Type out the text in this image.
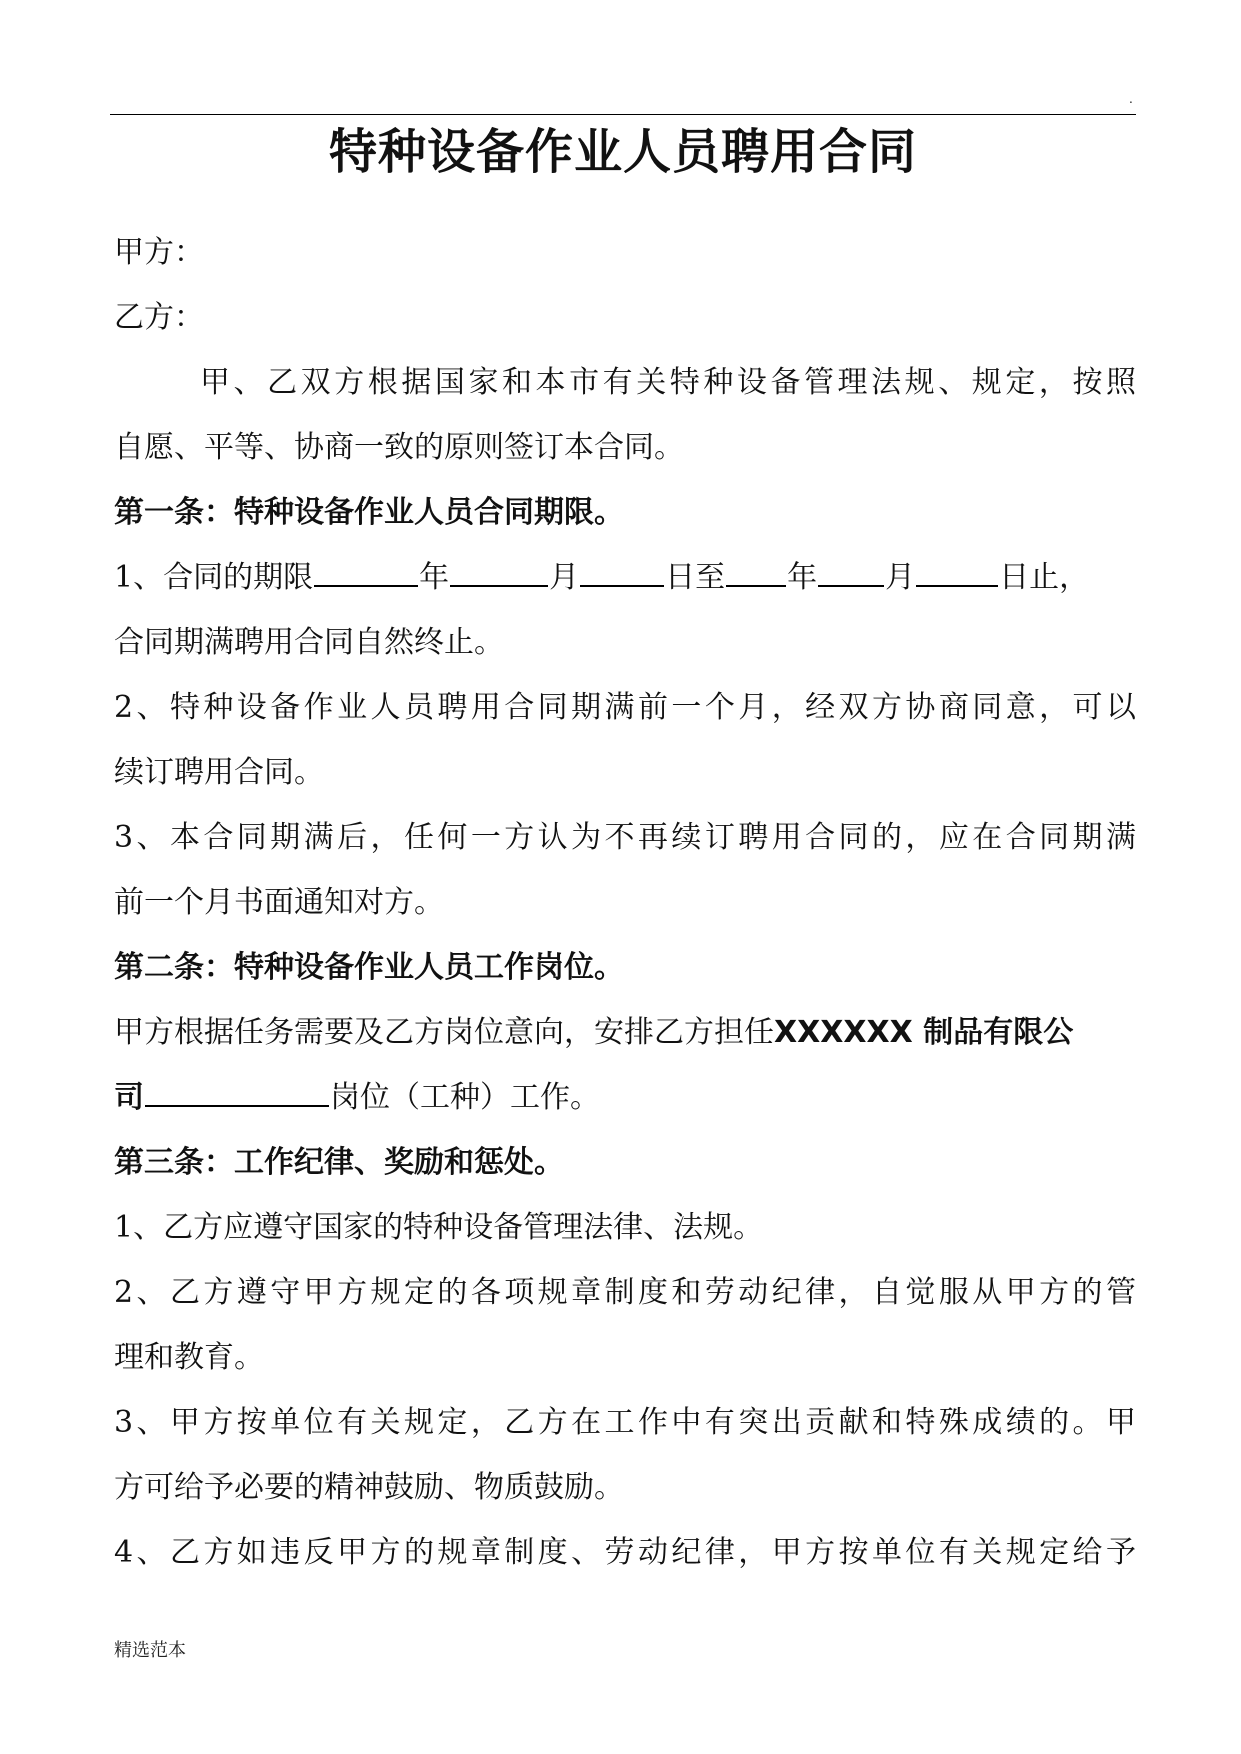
.
特种设备作业人员聘用合同
甲方：
乙方：
甲、乙双方根据国家和本市有关特种设备管理法规、规定，按照
自愿、平等、协商一致的原则签订本合同。
第一条：特种设备作业人员合同期限。
1、合同的期限	年	月	日至 年 月	日止，
合同期满聘用合同自然终止。
2、特种设备作业人员聘用合同期满前一个月，经双方协商同意，可以
续订聘用合同。
3、本合同期满后，任何一方认为不再续订聘用合同的，应在合同期满
前一个月书面通知对方。
第二条：特种设备作业人员工作岗位。
甲方根据任务需要及乙方岗位意向，安排乙方担任XXXXXX 制品有限公
司	岗位（工种）工作。
第三条：工作纪律、奖励和惩处。
1、乙方应遵守国家的特种设备管理法律、法规。
2、乙方遵守甲方规定的各项规章制度和劳动纪律，自觉服从甲方的管
理和教育。
3、甲方按单位有关规定，乙方在工作中有突出贡献和特殊成绩的。甲
方可给予必要的精神鼓励、物质鼓励。
4、乙方如违反甲方的规章制度、劳动纪律，甲方按单位有关规定给予
精选范本
